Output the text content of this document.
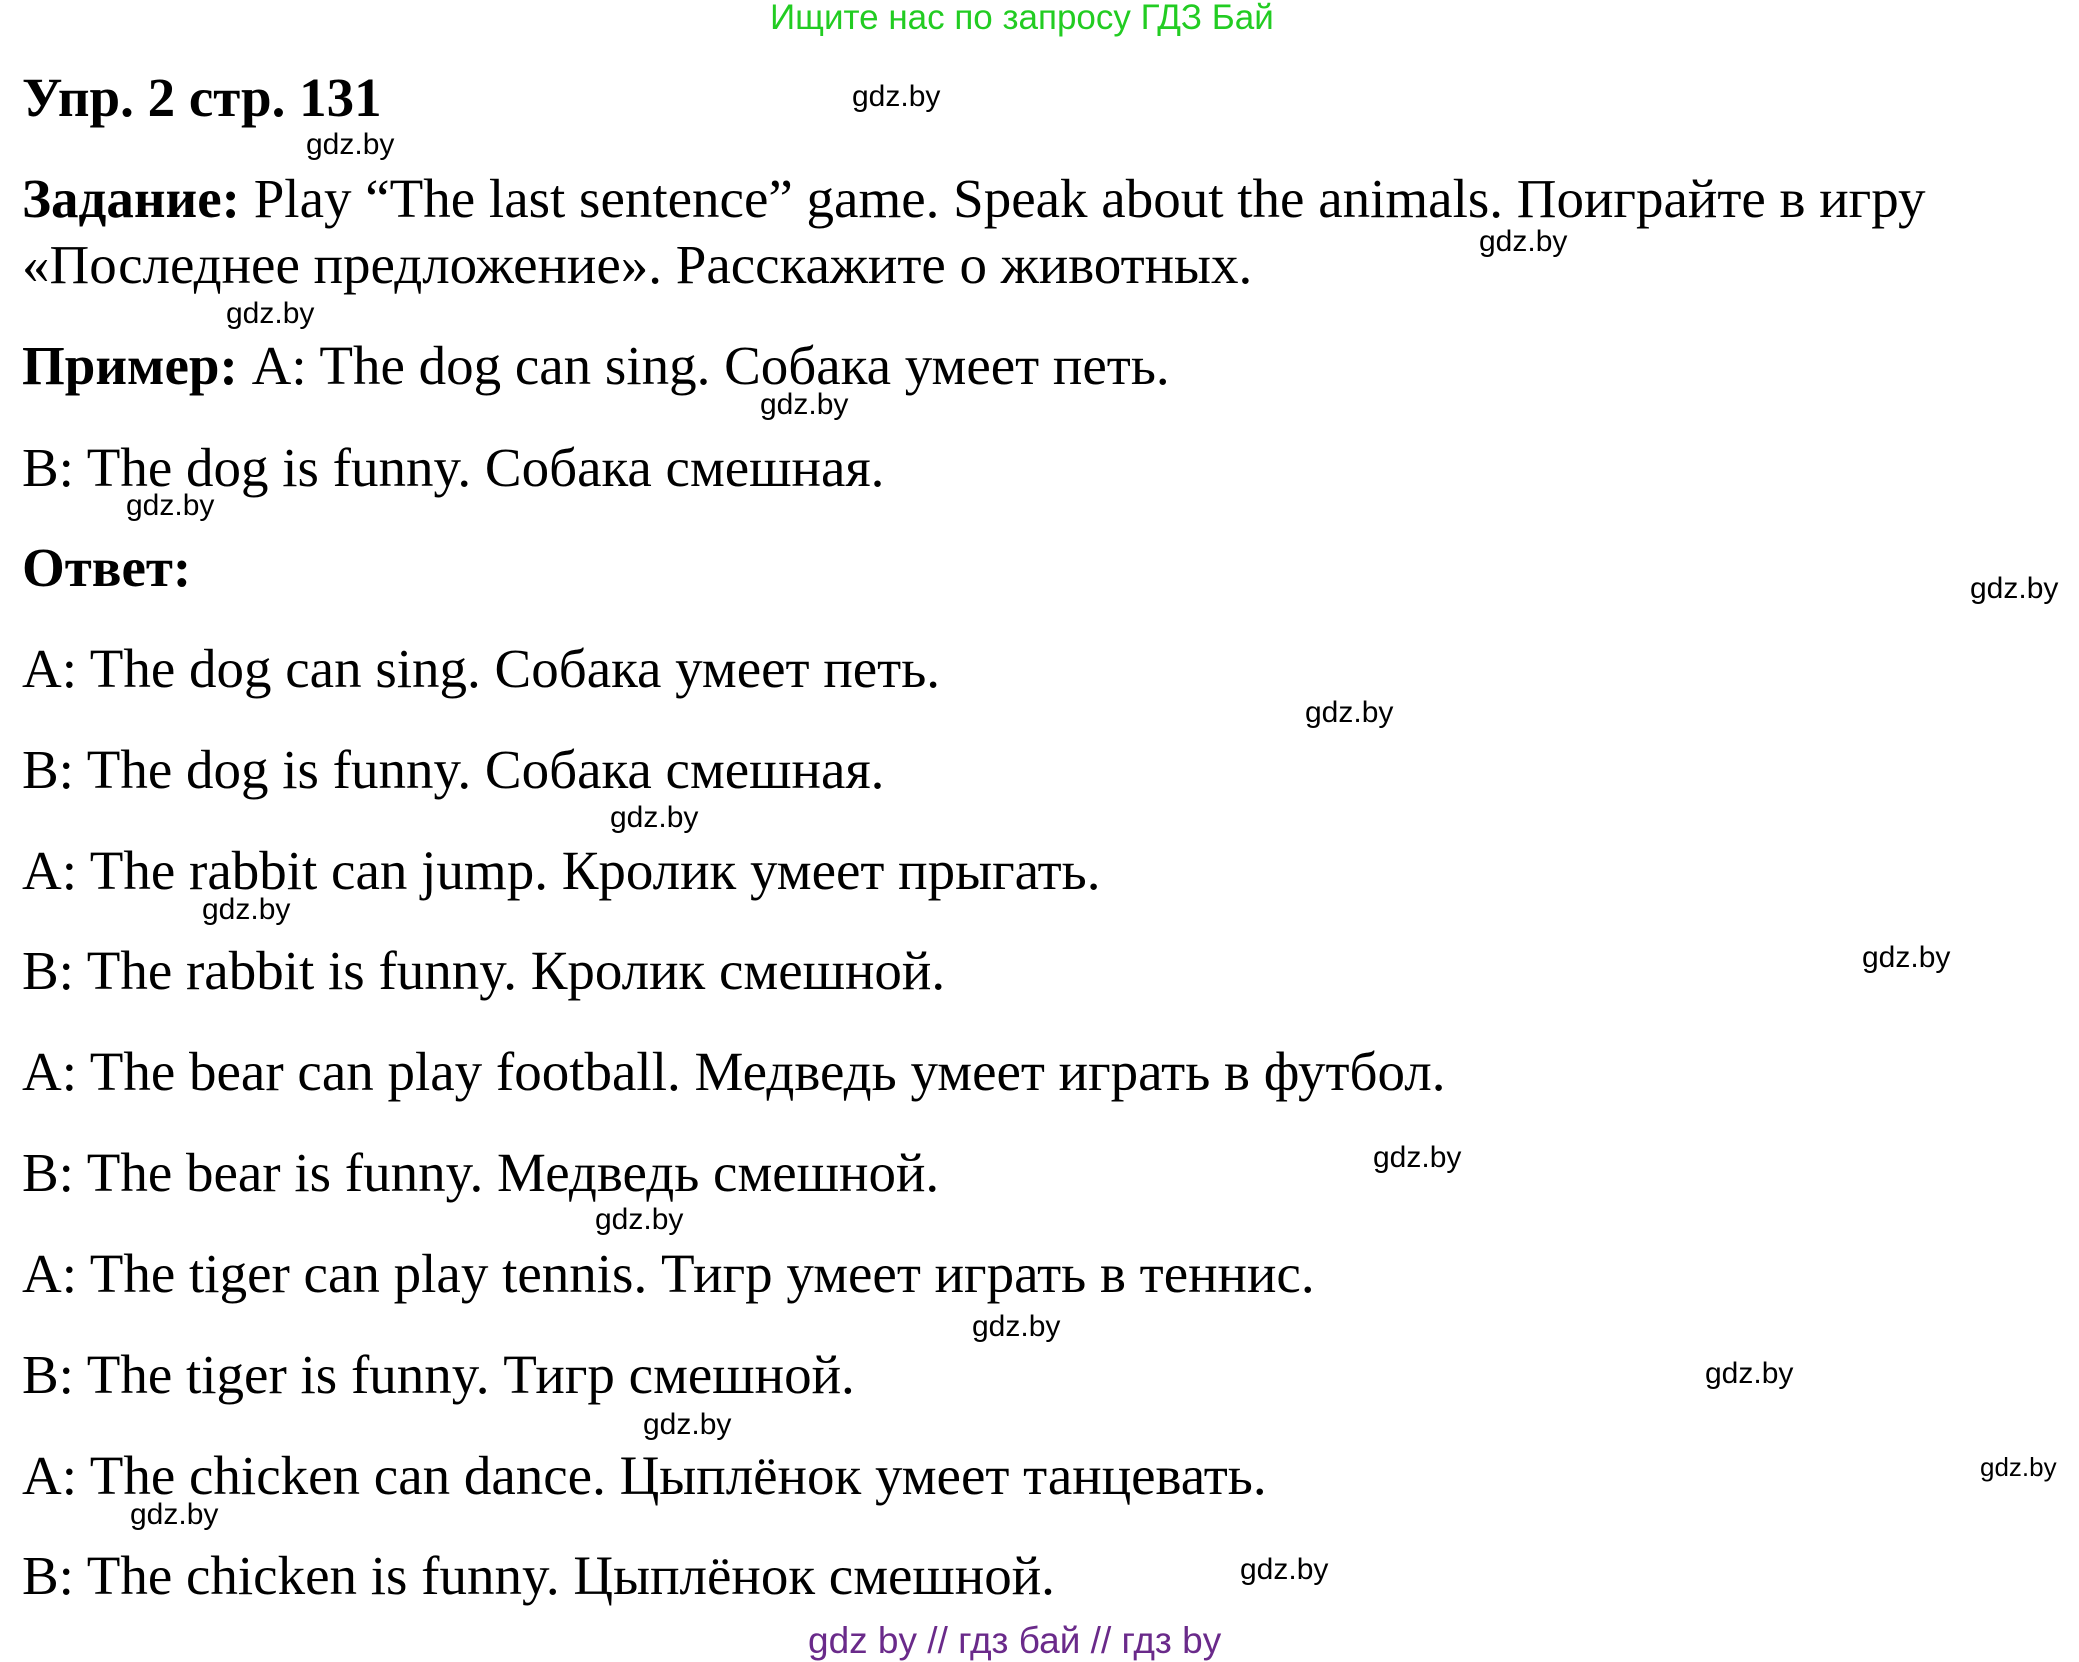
Ищите нас по запросу ГДЗ Бай
Упр. 2 стр. 131
Задание: Play “The last sentence” game. Speak about the animals. Поиграйте в игру
«Последнее предложение». Расскажите о животных.
Пример: A: The dog can sing. Собака умеет петь.
B: The dog is funny. Собака смешная.
Ответ:
A: The dog can sing. Собака умеет петь.
B: The dog is funny. Собака смешная.
A: The rabbit can jump. Кролик умеет прыгать.
B: The rabbit is funny. Кролик смешной.
A: The bear can play football. Медведь умеет играть в футбол.
B: The bear is funny. Медведь смешной.
A: The tiger can play tennis. Тигр умеет играть в теннис.
B: The tiger is funny. Тигр смешной.
A: The chicken can dance. Цыплёнок умеет танцевать.
B: The chicken is funny. Цыплёнок смешной.
gdz.by
gdz.by
gdz.by
gdz.by
gdz.by
gdz.by
gdz.by
gdz.by
gdz.by
gdz.by
gdz.by
gdz.by
gdz.by
gdz.by
gdz.by
gdz.by
gdz.by
gdz.by
gdz.by
gdz by // гдз бай // гдз by
